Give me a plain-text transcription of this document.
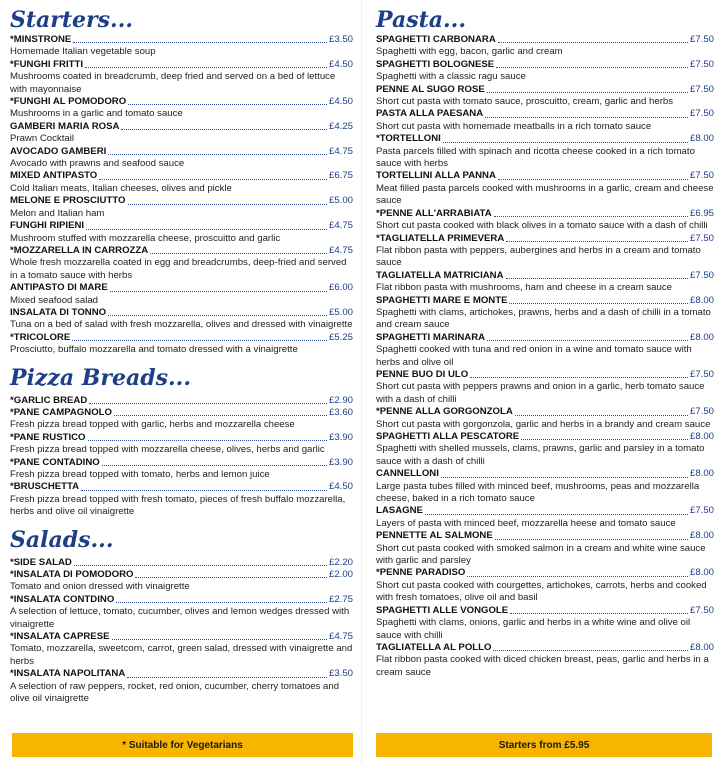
Starters...
*MINSTRONE	£3.50
Homemade Italian vegetable soup
*FUNGHI FRITTI	£4.50
Mushrooms coated in breadcrumb, deep fried and served on a bed of lettuce with mayonnaise
*FUNGHI AL POMODORO	£4.50
Mushrooms in a garlic and tomato sauce
GAMBERI MARIA ROSA	£4.25
Prawn Cocktail
AVOCADO GAMBERI	£4.75
Avocado with prawns and seafood sauce
MIXED ANTIPASTO	£6.75
Cold Italian meats, Italian cheeses, olives and pickle
MELONE E PROSCIUTTO	£5.00
Melon and Italian ham
FUNGHI RIPIENI	£4.75
Mushroom stuffed with mozzarella cheese, proscuitto and garlic
*MOZZARELLA IN CARROZZA	£4.75
Whole fresh mozzarella coated in egg and breadcrumbs, deep-fried and served in a tomato sauce with herbs
ANTIPASTO DI MARE	£6.00
Mixed seafood salad
INSALATA DI TONNO	£5.00
Tuna on a bed of salad with fresh mozzarella, olives and dressed with vinaigrette
*TRICOLORE	£5.25
Prosciutto, buffalo mozzarella and tomato dressed with a vinaigrette
Pizza Breads...
*GARLIC BREAD	£2.90
*PANE CAMPAGNOLO	£3.60
Fresh pizza bread topped with garlic, herbs and mozzarella cheese
*PANE RUSTICO	£3.90
Fresh pizza bread topped with mozzarella cheese, olives, herbs and garlic
*PANE CONTADINO	£3.90
Fresh pizza bread topped with tomato, herbs and lemon juice
*BRUSCHETTA	£4.50
Fresh pizza bread topped with fresh tomato, pieces of fresh buffalo mozzarella, herbs and olive oil vinaigrette
Salads...
*SIDE SALAD	£2.20
*INSALATA DI POMODORO	£2.00
Tomato and onion dressed with vinaigrette
*INSALATA CONTDINO	£2.75
A selection of lettuce, tomato, cucumber, olives and lemon wedges dressed with vinaigrette
*INSALATA CAPRESE	£4.75
Tomato, mozzarella, sweetcorn, carrot, green salad, dressed with vinaigrette and herbs
*INSALATA NAPOLITANA	£3.50
A selection of raw peppers, rocket, red onion, cucumber, cherry tomatoes and olive oil vinaigrette
* Suitable for Vegetarians
Pasta...
SPAGHETTI CARBONARA	£7.50
Spaghetti with egg, bacon, garlic and cream
SPAGHETTI BOLOGNESE	£7.50
Spaghetti with a classic ragu sauce
PENNE AL SUGO ROSE	£7.50
Short cut pasta with tomato sauce, proscuitto, cream, garlic and herbs
PASTA ALLA PAESANA	£7.50
Short cut pasta with homemade meatballs in a rich tomato sauce
*TORTELLONI	£8.00
Pasta parcels filled with spinach and ricotta cheese cooked in a rich tomato sauce with herbs
TORTELLINI ALLA PANNA	£7.50
Meat filled pasta parcels cooked with mushrooms in a garlic, cream and cheese sauce
*PENNE ALL'ARRABIATA	£6.95
Short cut pasta cooked with black olives in a tomato sauce with a dash of chilli
*TAGLIATELLA PRIMEVERA	£7.50
Flat ribbon pasta with peppers, aubergines and herbs in a cream and tomato sauce
TAGLIATELLA MATRICIANA	£7.50
Flat ribbon pasta with mushrooms, ham and cheese in a cream sauce
SPAGHETTI MARE E MONTE	£8.00
Spaghetti with clams, artichokes, prawns, herbs and a dash of chilli in a tomato and cream sauce
SPAGHETTI MARINARA	£8.00
Spaghetti cooked with tuna and red onion in a wine and tomato sauce with herbs and olive oil
PENNE BUO DI ULO	£7.50
Short cut pasta with peppers prawns and onion in a garlic, herb tomato sauce with a dash of chilli
*PENNE ALLA GORGONZOLA	£7.50
Short cut pasta with gorgonzola, garlic and herbs in a brandy and cream sauce
SPAGHETTI ALLA PESCATORE	£8.00
Spaghetti with shelled mussels, clams, prawns, garlic and parsley in a tomato sauce with a dash of chilli
CANNELLONI	£8.00
Large pasta tubes filled with minced beef, mushrooms, peas and mozzarella cheese, baked in a rich tomato sauce
LASAGNE	£7.50
Layers of pasta with minced beef, mozzarella heese and tomato sauce
PENNETTE AL SALMONE	£8.00
Short cut pasta cooked with smoked salmon in a cream and white wine sauce with garlic and parsley
*PENNE PARADISO	£8.00
Short cut pasta cooked with courgettes, artichokes, carrots, herbs and cooked with fresh tomatoes, olive oil and basil
SPAGHETTI ALLE VONGOLE	£7.50
Spaghetti with clams, onions, garlic and herbs in a white wine and olive oil sauce with chilli
TAGLIATELLA AL POLLO	£8.00
Flat ribbon pasta cooked with diced chicken breast, peas, garlic and herbs in a cream sauce
Starters from £5.95
